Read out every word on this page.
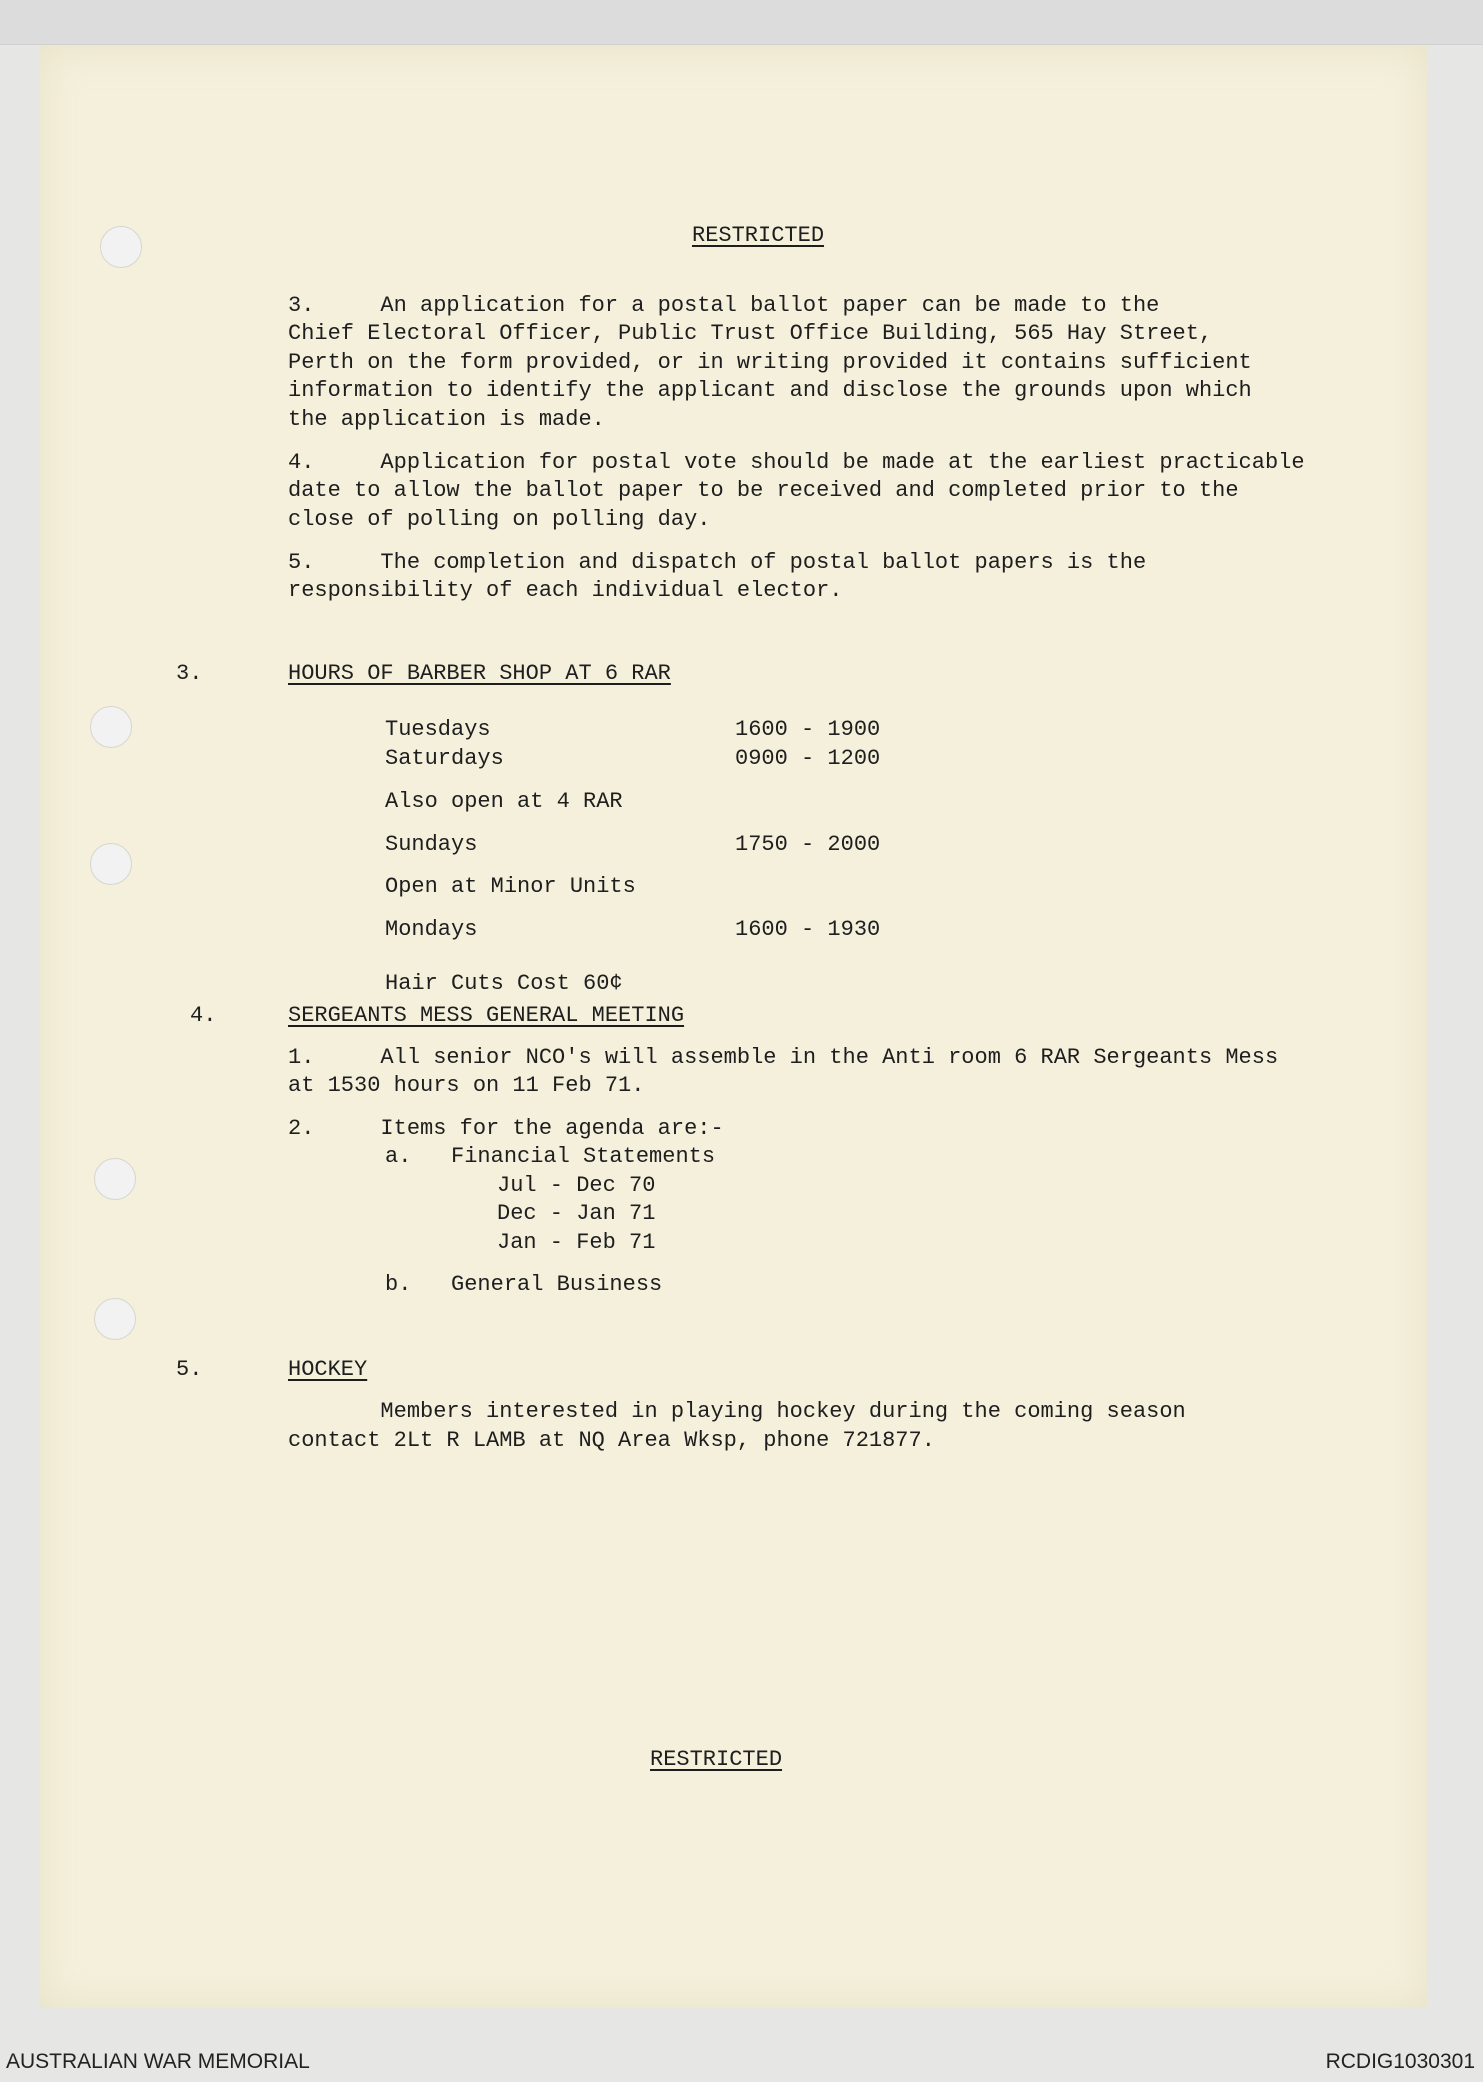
RESTRICTED
3.     An application for a postal ballot paper can be made to the
Chief Electoral Officer, Public Trust Office Building, 565 Hay Street,
Perth on the form provided, or in writing provided it contains sufficient
information to identify the applicant and disclose the grounds upon which
the application is made.
4.     Application for postal vote should be made at the earliest practicable
date to allow the ballot paper to be received and completed prior to the
close of polling on polling day.
5.     The completion and dispatch of postal ballot papers is the
responsibility of each individual elector.
3.	HOURS OF BARBER SHOP AT 6 RAR
Tuesdays	1600 - 1900
Saturdays	0900 - 1200
Also open at 4 RAR
Sundays	1750 - 2000
Open at Minor Units
Mondays	1600 - 1930
Hair Cuts Cost 60¢
4.	SERGEANTS MESS GENERAL MEETING
1.     All senior NCO's will assemble in the Anti room 6 RAR Sergeants Mess
at 1530 hours on 11 Feb 71.
2.     Items for the agenda are:-
a.   Financial Statements
Jul - Dec 70
Dec - Jan 71
Jan - Feb 71
b.   General Business
5.	HOCKEY
Members interested in playing hockey during the coming season
contact 2Lt R LAMB at NQ Area Wksp, phone 721877.
RESTRICTED
AUSTRALIAN WAR MEMORIAL	RCDIG1030301
